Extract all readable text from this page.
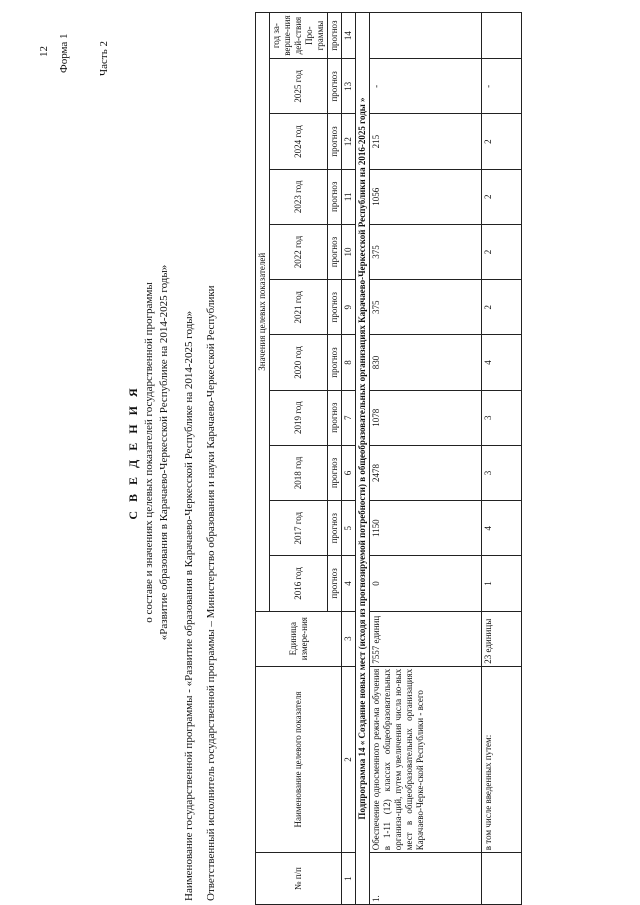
12 Форма 1	Часть 2
С В Е Д Е Н И Я о составе и значениях целевых показателей государственной программы «Развитие образования в Карачаево-Черкесской Республике на 2014-2025 годы» Наименование государственной программы - «Развитие образования в Карачаево-Черкесской Республике на 2014-2025 годы» Ответственный исполнитель государственной программы – Министерство образования и науки Карачаево-Черкесской Республики	№ п/п	Наименование целевого показателя	Единица измере-ния	Значения целевых показателей										
			2016 год	2017 год	2018 год	2019 год	2020 год	2021 год	2022 год	2023 год	2024 год	2025 год	год за-верше-ния дей-ствия Про-граммы
			прогноз	прогноз	прогноз	прогноз	прогноз	прогноз	прогноз	прогноз	прогноз	прогноз	прогноз
1	2	3	4	5	6	7	8	9	10	11	12	13	14
Подпрограмма 14 « Создание новых мест (исходя из прогнозируемой потребности) в общеобразовательных организациях Карачаево-Черкесской Республики на 2016-2025 годы »													
1.	Обеспечение односменного режи-ма обучения в 1-11 (12) классах общеобразовательных организа-ций, путем увеличения числа но-вых мест в общеобразовательных организациях Карачаево-Черке-ской Республики - всего	7557 единиц	0	1150	2478	1078	830	375	375	1056	215	-	
	в том числе введенных путем:	23 единицы	1	4	3	3	4	2	2	2	2	-	
